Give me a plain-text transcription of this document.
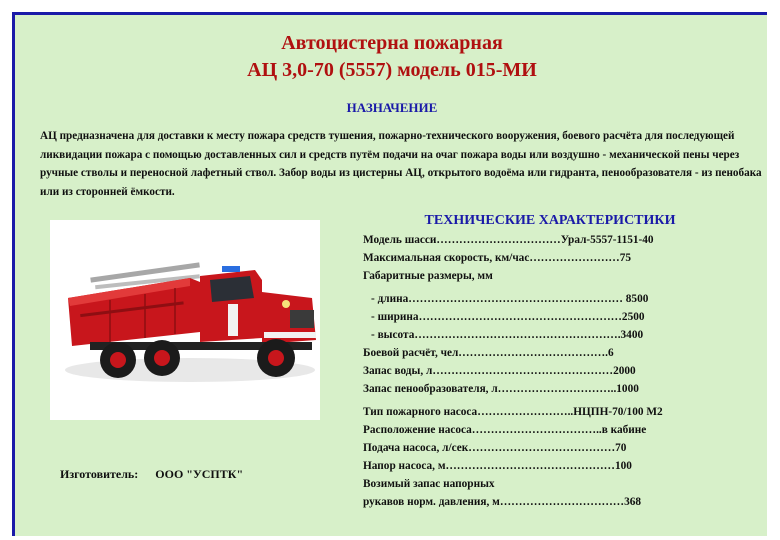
Автоцистерна пожарная
АЦ 3,0-70 (5557) модель 015-МИ
НАЗНАЧЕНИЕ
АЦ предназначена для доставки к месту пожара средств тушения, пожарно-технического вооружения, боевого расчёта для последующей ликвидации пожара с помощью доставленных сил и средств путём подачи на очаг пожара воды или воздушно - механической пены через ручные стволы и переносной лафетный ствол. Забор воды из цистерны АЦ, открытого водоёма или гидранта, пенообразователя - из пенобака или из сторонней ёмкости.
ТЕХНИЧЕСКИЕ ХАРАКТЕРИСТИКИ
Модель шасси……………………………Урал-5557-1151-40
Максимальная скорость, км/час……………………75
Габаритные размеры, мм
- длина………………………………………………… 8500
- ширина………………………………………………2500
- высота……………………………………………….3400
Боевой расчёт, чел………………………………….6
Запас воды, л…………………………………………2000
Запас пенообразователя, л…………………………..1000
Тип пожарного насоса……………………..НЦПН-70/100 М2
Расположение насоса……………………………..в кабине
Подача насоса, л/сек…………………………………70
Напор насоса, м………………………………………100
Возимый запас напорных
рукавов норм. давления, м……………………………368
Изготовитель: ООО "УСПТК"
